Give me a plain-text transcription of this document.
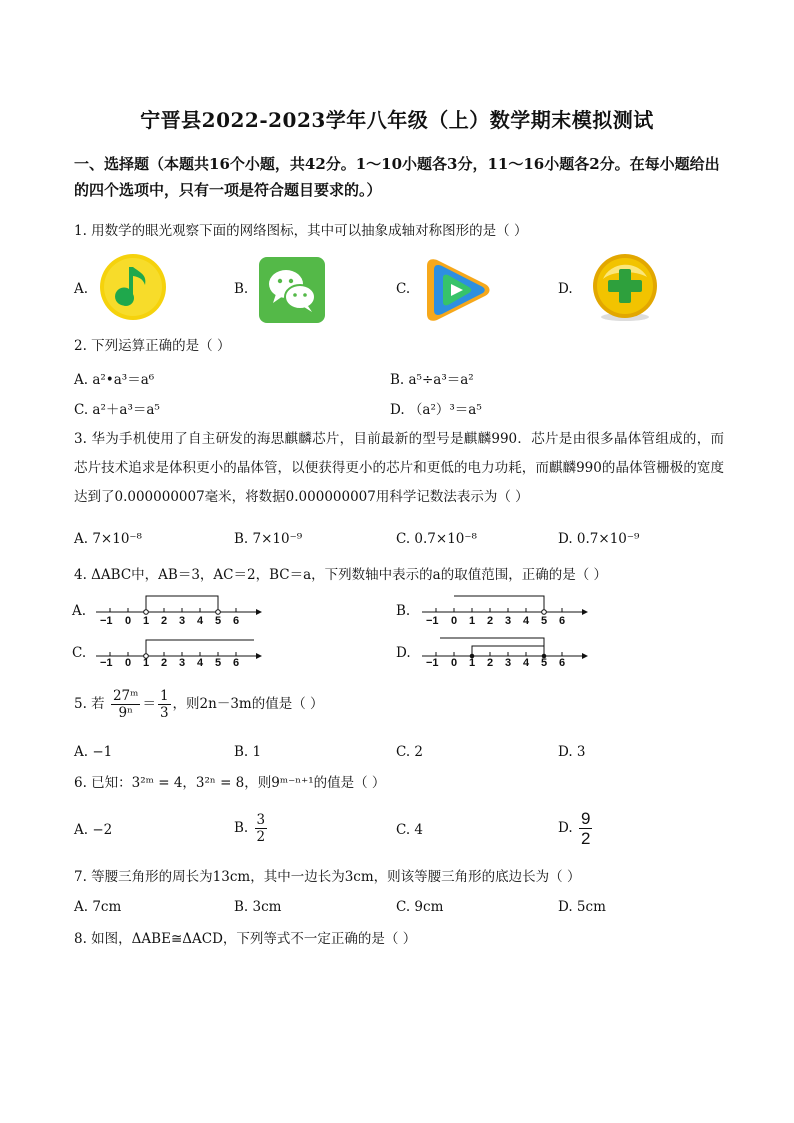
宁晋县2022-2023学年八年级（上）数学期末模拟测试
一、选择题（本题共16个小题，共42分。1～10小题各3分，11～16小题各2分。在每小题给出的四个选项中，只有一项是符合题目要求的。）
1. 用数学的眼光观察下面的网络图标，其中可以抽象成轴对称图形的是（ ）
A.	B.	C.	D.
2. 下列运算正确的是（ ）
A. a²•a³＝a⁶	B. a⁵÷a³＝a²
C. a²＋a³＝a⁵	D. （a²）³＝a⁵
3. 华为手机使用了自主研发的海思麒麟芯片，目前最新的型号是麒麟990．芯片是由很多晶体管组成的，而芯片技术追求是体积更小的晶体管，以便获得更小的芯片和更低的电力功耗，而麒麟990的晶体管栅极的宽度达到了0.000000007毫米，将数据0.000000007用科学记数法表示为（ ）
A. 7×10⁻⁸	B. 7×10⁻⁹	C. 0.7×10⁻⁸	D. 0.7×10⁻⁹
4. ΔABC中，AB＝3，AC＝2，BC＝a，下列数轴中表示的a的取值范围，正确的是（ ）
A.
−1 0 1 2 3 4 5 6
B.
−1 0 1 2 3 4 5 6
C.
−1 0 1 2 3 4 5 6
D.
−1 0 1 2 3 4 5 6
5. 若 $\frac{\text{27ᵐ}}{\text{9ⁿ}} = \frac{1}{3}$ ，则2n－3m的值是（ ）
A. −1	B. 1	C. 2	D. 3
6. 已知：3²ᵐ = 4，3²ⁿ = 8，则9ᵐ⁻ⁿ⁺¹的值是（ ）
A. −2	B. $\frac{3}{2}$	C. 4	D. $\frac{9}{2}$
7. 等腰三角形的周长为13cm，其中一边长为3cm，则该等腰三角形的底边长为（ ）
A. 7cm	B. 3cm	C. 9cm	D. 5cm
8. 如图，ΔABE≅ΔACD，下列等式不一定正确的是（ ）
